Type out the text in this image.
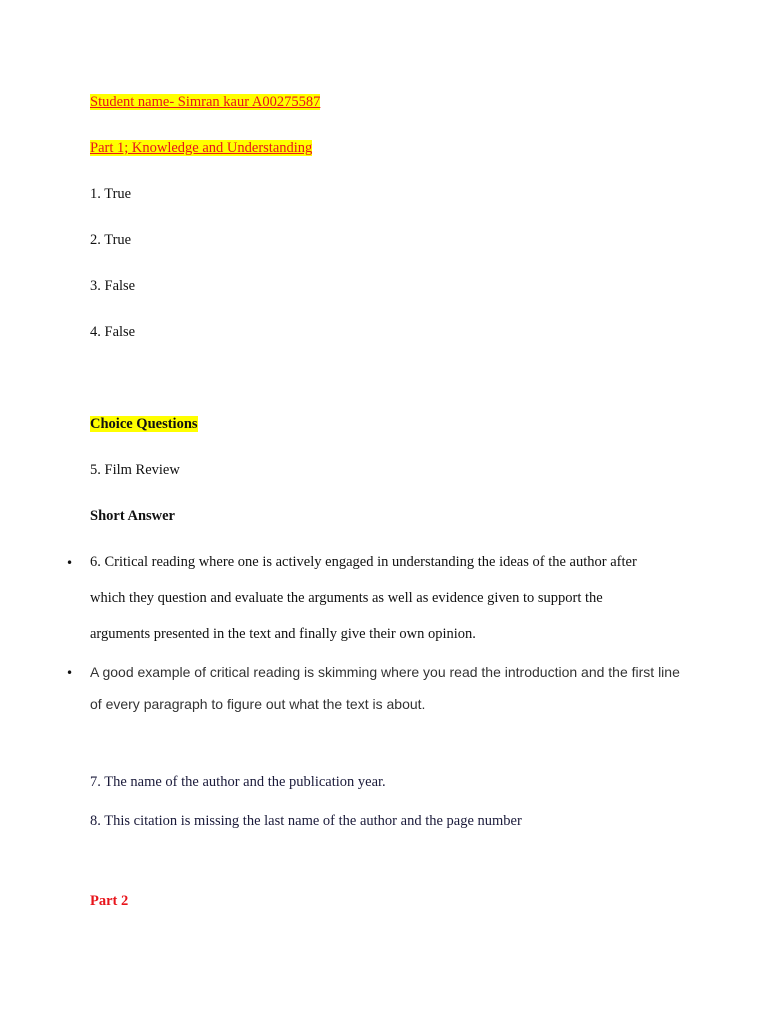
Student name- Simran kaur A00275587
Part 1; Knowledge and Understanding
1. True
2. True
3. False
4. False
Choice Questions
5. Film Review
Short Answer
• 6. Critical reading where one is actively engaged in understanding the ideas of the author after
which they question and evaluate the arguments as well as evidence given to support the
arguments presented in the text and finally give their own opinion.
• A good example of critical reading is skimming where you read the introduction and the first line
of every paragraph to figure out what the text is about.
7. The name of the author and the publication year.
8. This citation is missing the last name of the author and the page number
Part 2
